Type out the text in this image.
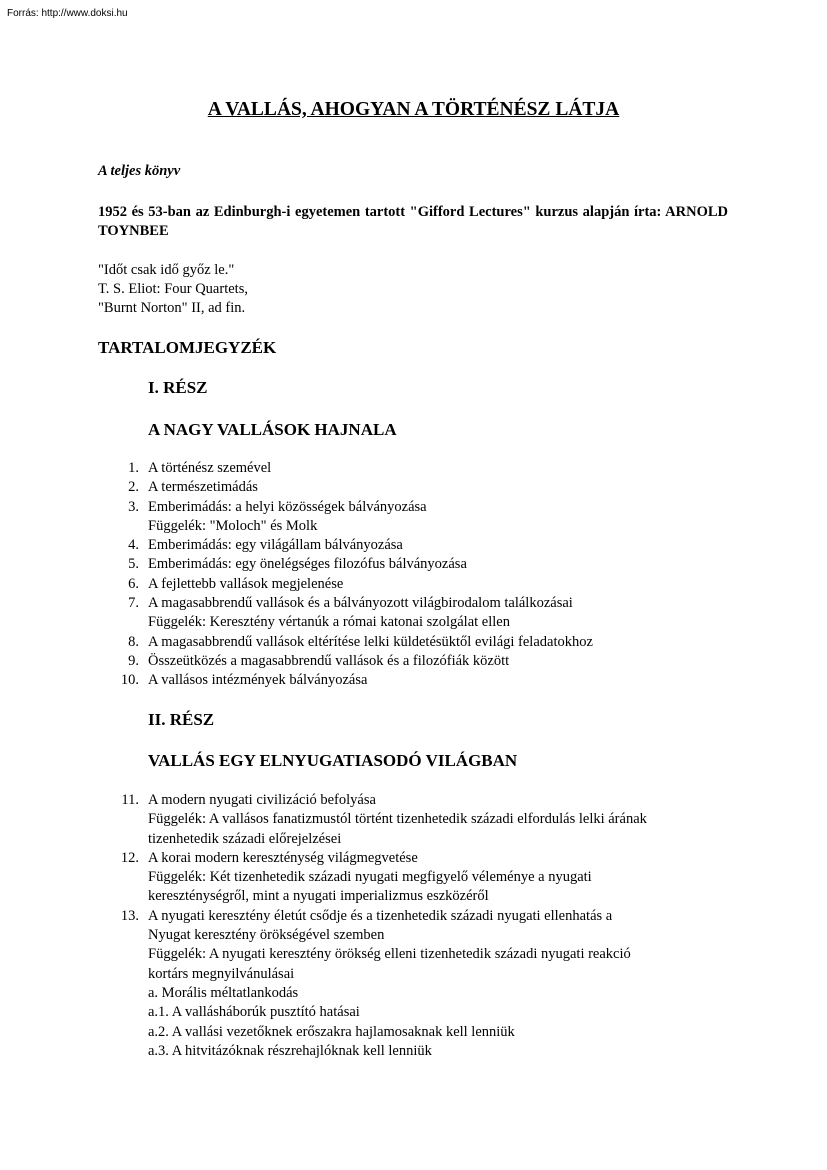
Forrás: http://www.doksi.hu
A VALLÁS, AHOGYAN A TÖRTÉNÉSZ LÁTJA
A teljes könyv
1952 és 53-ban az Edinburgh-i egyetemen tartott "Gifford Lectures" kurzus alapján írta: ARNOLD TOYNBEE
"Időt csak idő győz le."
T. S. Eliot: Four Quartets,
"Burnt Norton" II, ad fin.
TARTALOMJEGYZÉK
I. RÉSZ
A NAGY VALLÁSOK HAJNALA
1. A történész szemével
2. A természetimádás
3. Emberimádás: a helyi közösségek bálványozása
Függelék: "Moloch" és Molk
4. Emberimádás: egy világállam bálványozása
5. Emberimádás: egy önelégséges filozófus bálványozása
6. A fejlettebb vallások megjelenése
7. A magasabbrendű vallások és a bálványozott világbirodalom találkozásai
Függelék: Keresztény vértanúk a római katonai szolgálat ellen
8. A magasabbrendű vallások eltérítése lelki küldetésüktől evilági feladatokhoz
9. Összeütközés a magasabbrendű vallások és a filozófiák között
10. A vallásos intézmények bálványozása
II. RÉSZ
VALLÁS EGY ELNYUGATIASODÓ VILÁGBAN
11. A modern nyugati civilizáció befolyása
Függelék: A vallásos fanatizmustól történt tizenhetedik századi elfordulás lelki árának
tizenhetedik századi előrejelzései
12. A korai modern kereszténység világmegvetése
Függelék: Két tizenhetedik századi nyugati megfigyelő véleménye a nyugati
kereszténységről, mint a nyugati imperializmus eszközéről
13. A nyugati keresztény életút csődje és a tizenhetedik századi nyugati ellenhatás a
Nyugat keresztény örökségével szemben
Függelék: A nyugati keresztény örökség elleni tizenhetedik századi nyugati reakció
kortárs megnyilvánulásai
a. Morális méltatlankodás
a.1. A vallásháborúk pusztító hatásai
a.2. A vallási vezetőknek erőszakra hajlamosaknak kell lenniük
a.3. A hitvitázóknak részrehajlóknak kell lenniük
